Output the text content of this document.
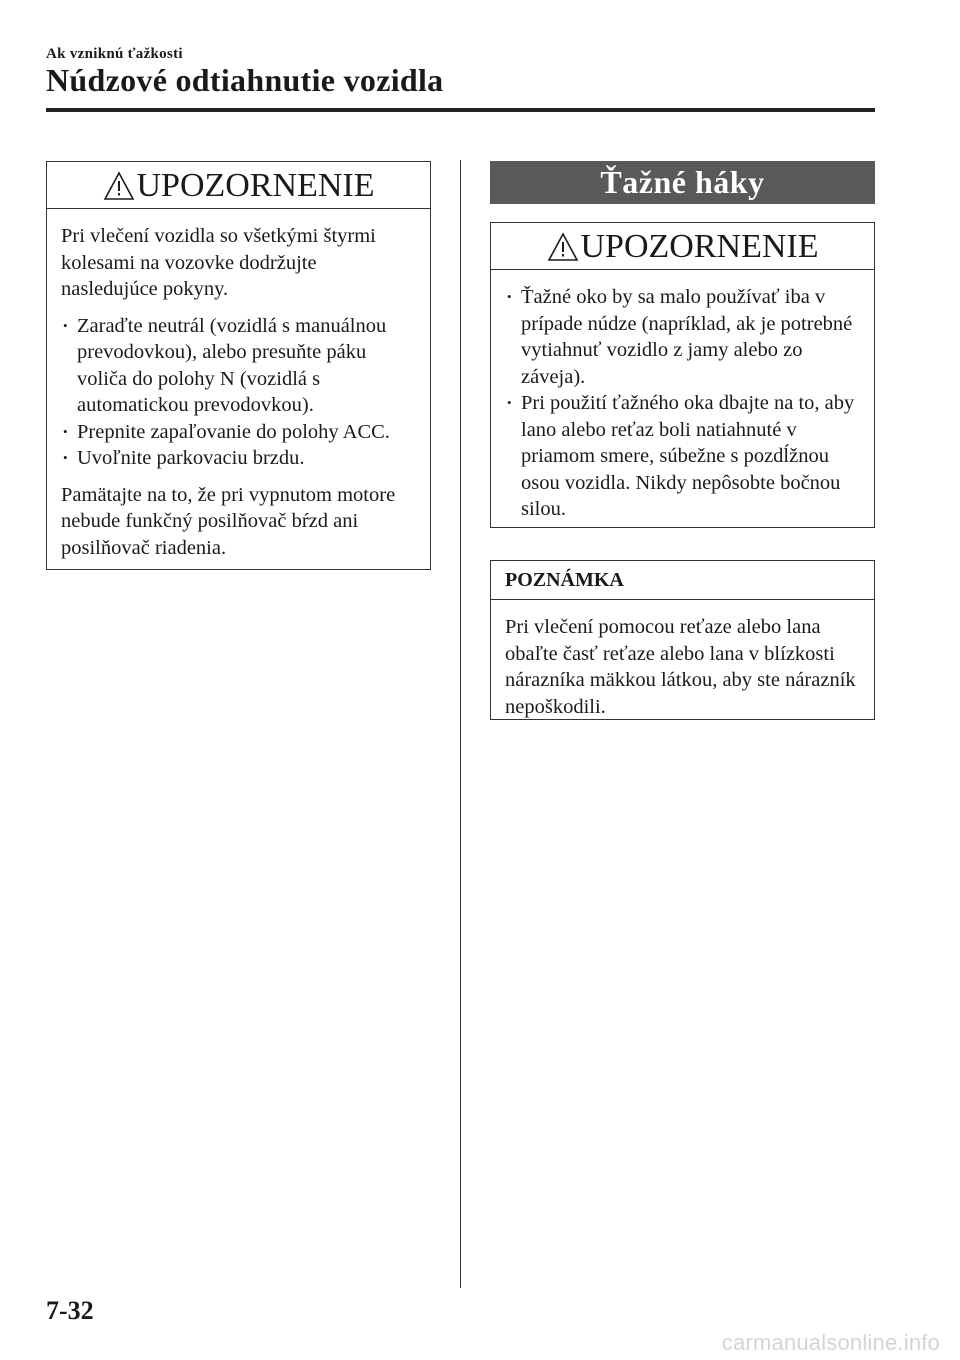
Ak vzniknú ťažkosti
Núdzové odtiahnutie vozidla
UPOZORNENIE

Pri vlečení vozidla so všetkými štyrmi kolesami na vozovke dodržujte nasledujúce pokyny.

• Zaraďte neutrál (vozidlá s manuálnou prevodovkou), alebo presuňte páku voliča do polohy N (vozidlá s automatickou prevodovkou).
• Prepnite zapaľovanie do polohy ACC.
• Uvoľnite parkovaciu brzdu.

Pamätajte na to, že pri vypnutom motore nebude funkčný posilňovač bŕzd ani posilňovač riadenia.

Ťažné háky
UPOZORNENIE
• Ťažné oko by sa malo používať iba v prípade núdze (napríklad, ak je potrebné vytiahnuť vozidlo z jamy alebo zo záveja).
• Pri použití ťažného oka dbajte na to, aby lano alebo reťaz boli natiahnuté v priamom smere, súbežne s pozdĺžnou osou vozidla. Nikdy nepôsobte bočnou silou.
POZNÁMKA

Pri vlečení pomocou reťaze alebo lana obaľte časť reťaze alebo lana v blízkosti nárazníka mäkkou látkou, aby ste nárazník nepoškodili.

7-32
carmanualsonline.info
